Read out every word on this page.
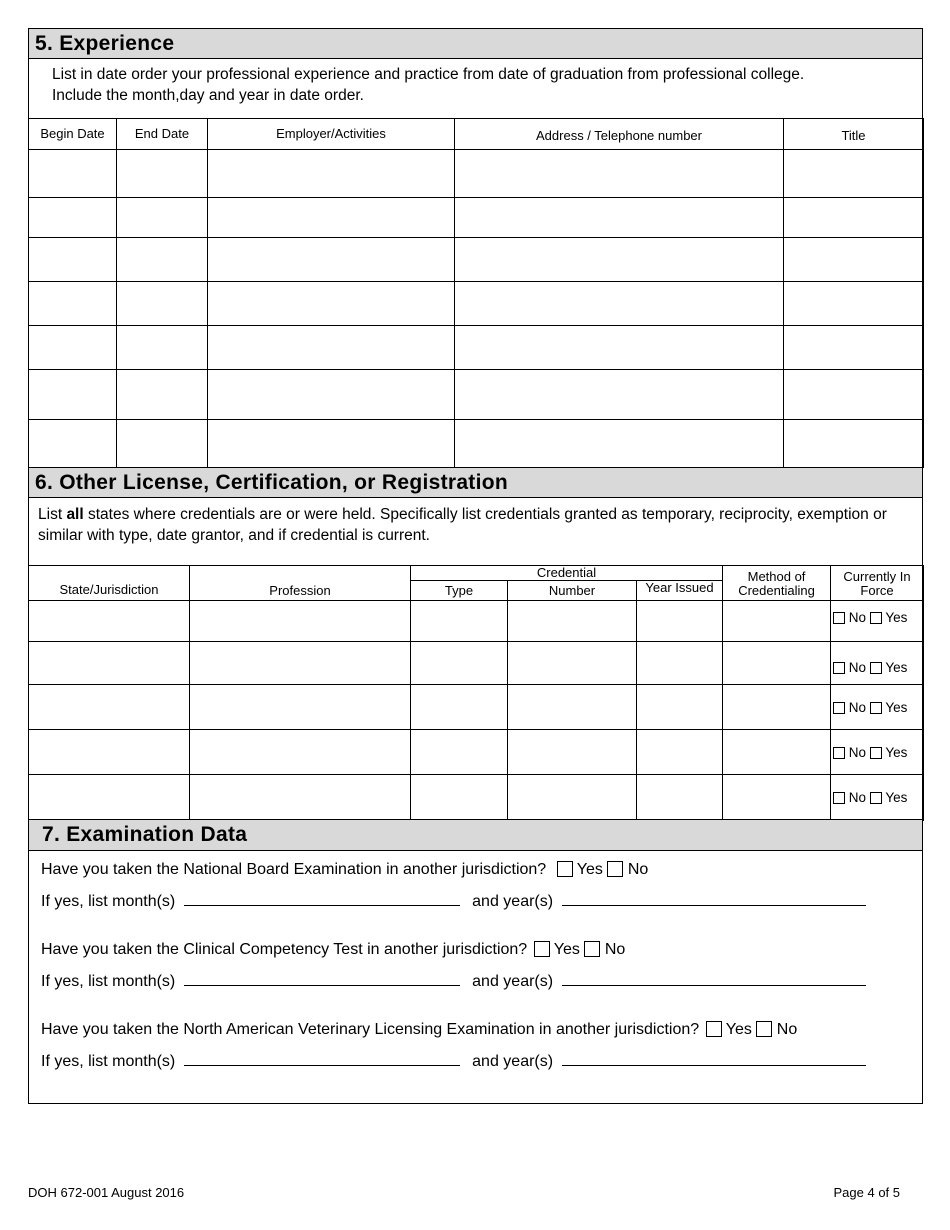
5. Experience
List in date order your professional experience and practice from date of graduation from professional college.
Include the month,day and year in date order.
Begin Date	End Date	Employer/Activities	Address / Telephone number	Title

6. Other License, Certification, or Registration
List all states where credentials are or were held. Specifically list credentials granted as temporary, reciprocity, exemption or similar with type, date grantor, and if credential is current.
State/Jurisdiction	Profession	Credential			Method of Credentialing	Currently In Force
		Type	Number	Year Issued		
						No Yes
						No Yes
						No Yes
						No Yes
						No Yes
7. Examination Data
Have you taken the National Board Examination in another jurisdiction? Yes No
If yes, list month(s)	and year(s)
Have you taken the Clinical Competency Test in another jurisdiction? Yes No
If yes, list month(s)	and year(s)
Have you taken the North American Veterinary Licensing Examination in another jurisdiction? Yes No
If yes, list month(s)	and year(s)
DOH 672-001 August 2016	Page 4 of 5
